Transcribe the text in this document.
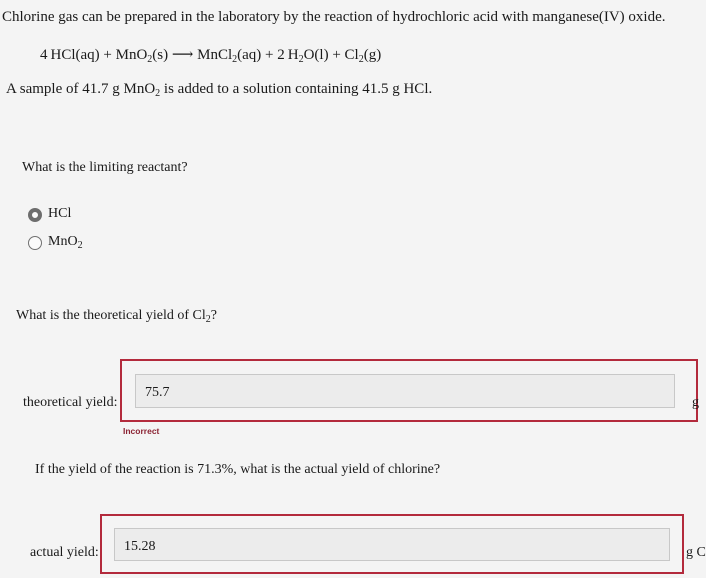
Chlorine gas can be prepared in the laboratory by the reaction of hydrochloric acid with manganese(IV) oxide.
4 HCl(aq) + MnO$_2$(s) ⟶ MnCl$_2$(aq) + 2 $H_2O(l) + Cl_2(g)$
A sample of 41.7 g MnO$_2$ is added to a solution containing 41.5 g HCl.
What is the limiting reactant?
HCl
MnO$_2$
What is the theoretical yield of $Cl_2$?
theoretical yield:
75.7
g
Incorrect
If the yield of the reaction is 71.3%, what is the actual yield of chlorine?
actual yield:	15.28	g C
